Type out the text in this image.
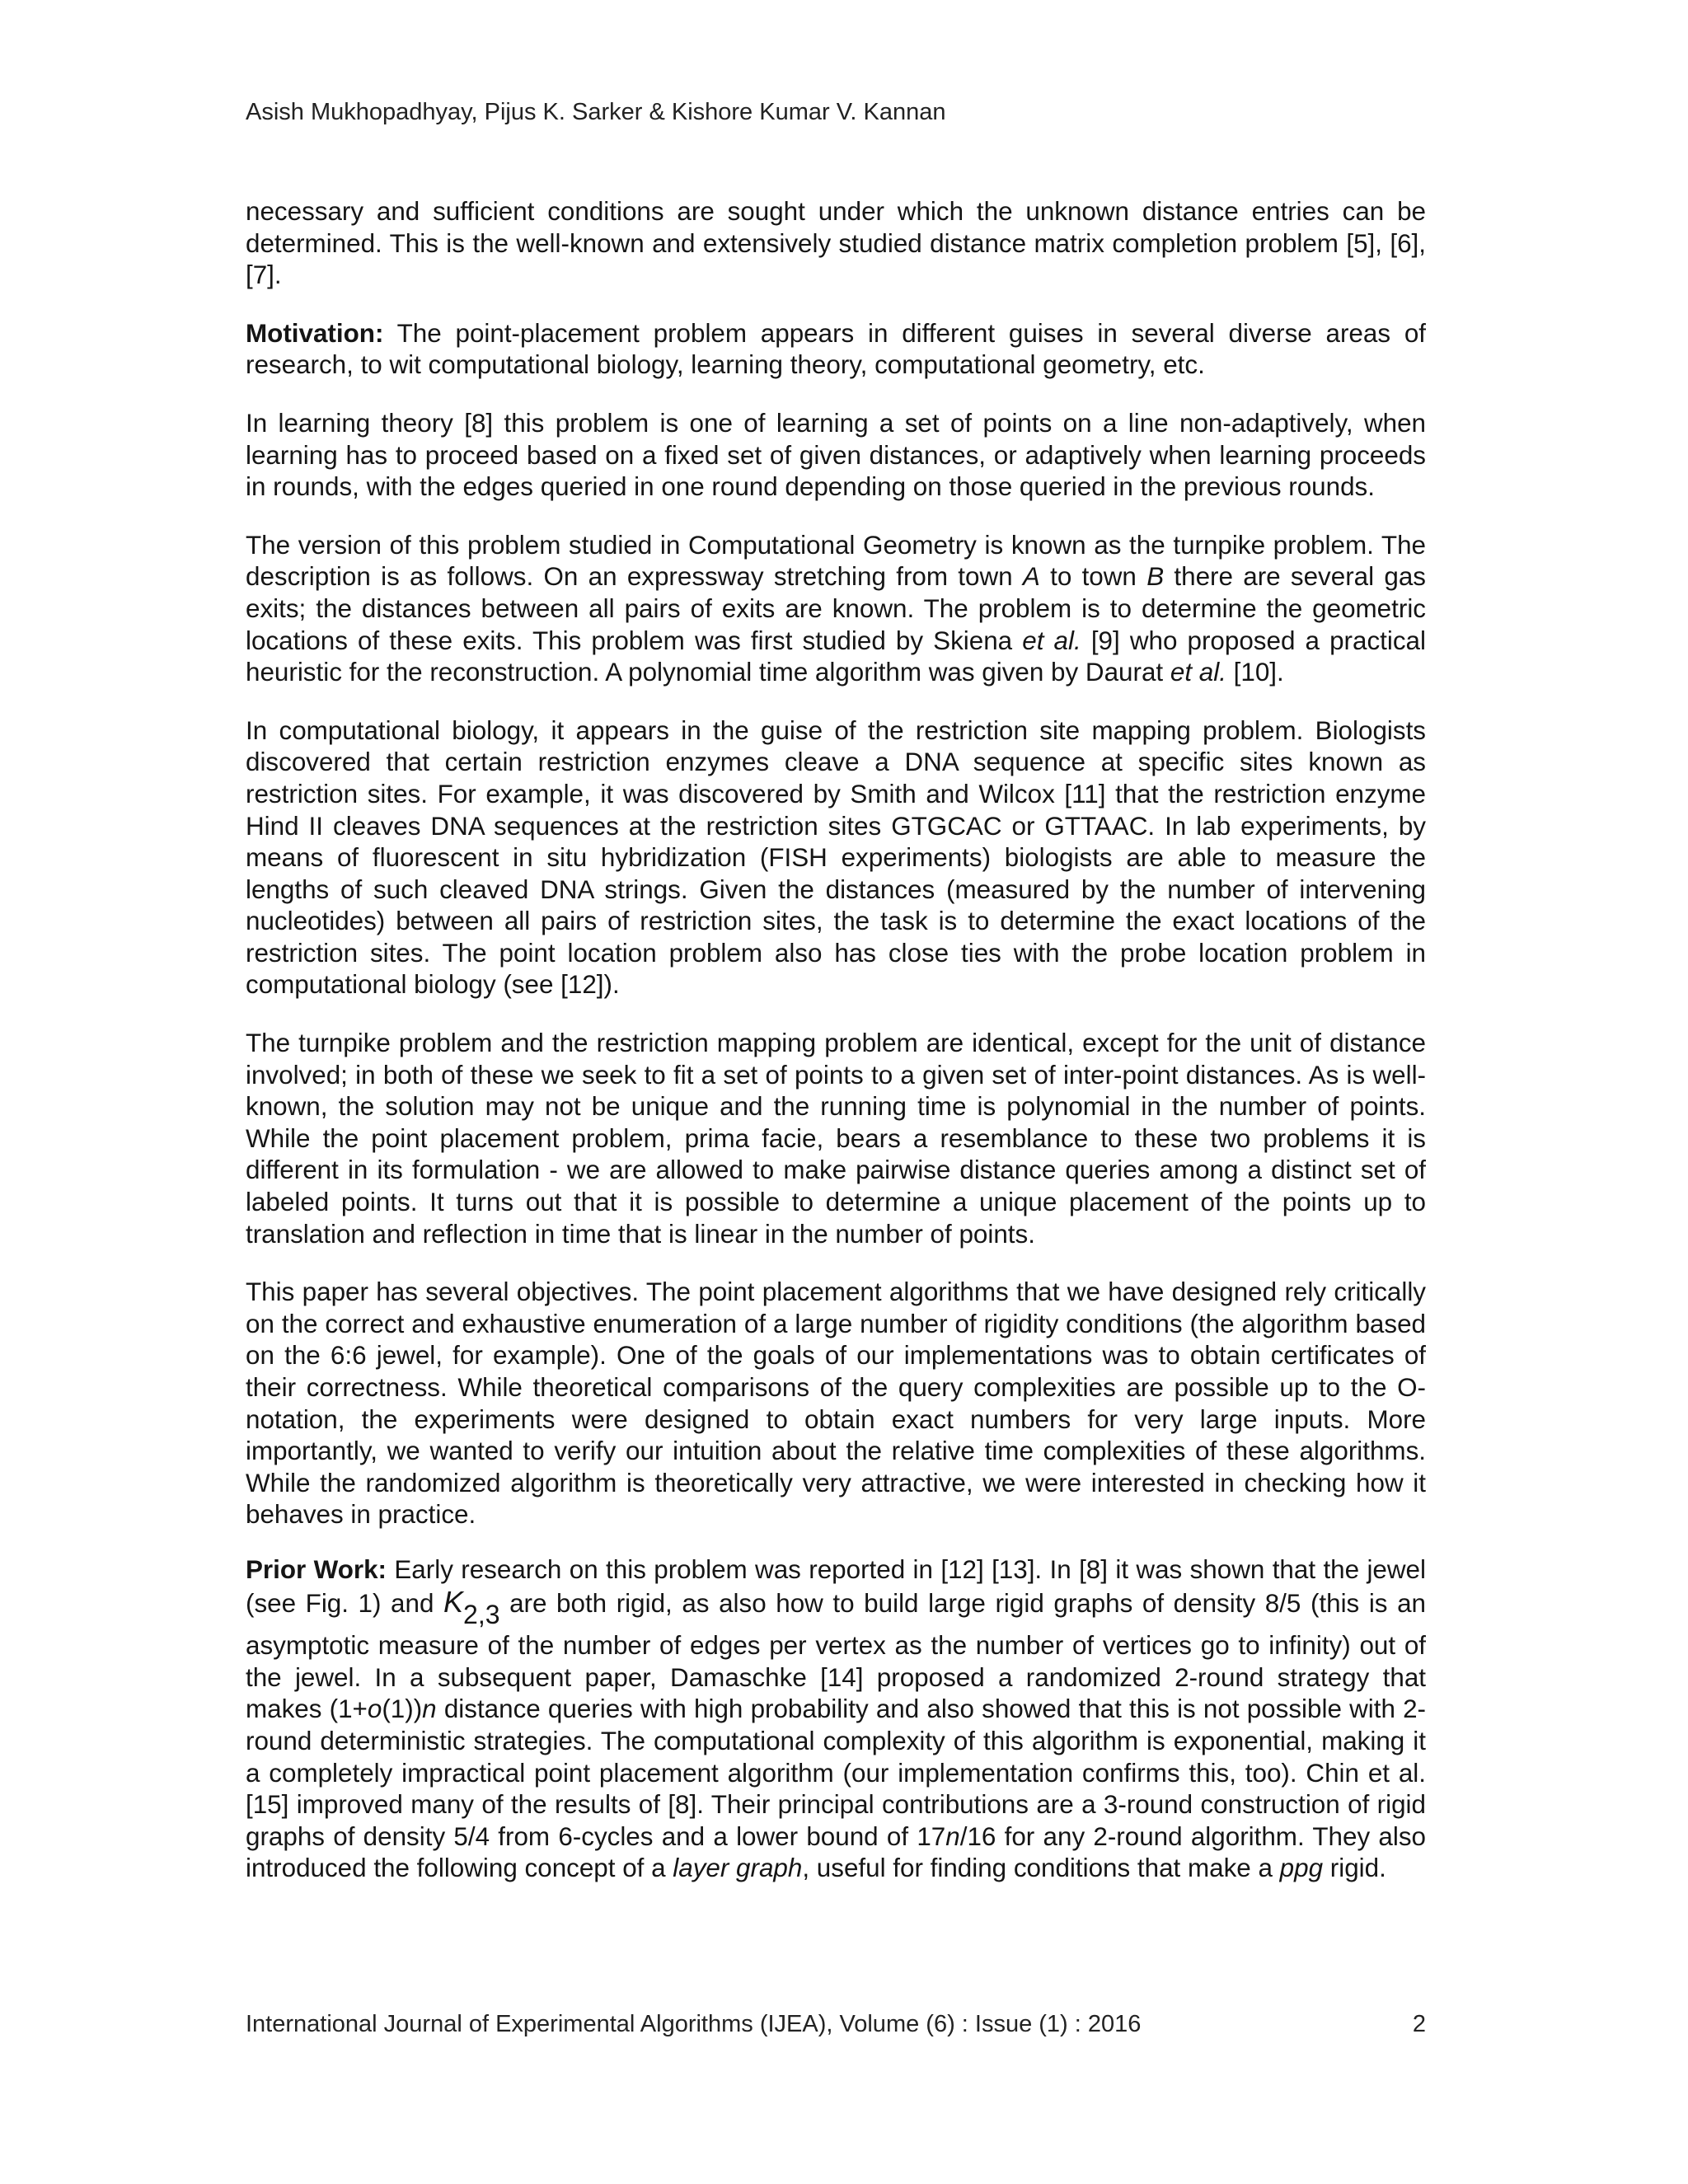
Asish Mukhopadhyay, Pijus K. Sarker & Kishore Kumar V. Kannan

necessary and sufficient conditions are sought under which the unknown distance entries can be determined. This is the well-known and extensively studied distance matrix completion problem [5], [6], [7].

Motivation: The point-placement problem appears in different guises in several diverse areas of research, to wit computational biology, learning theory, computational geometry, etc.

In learning theory [8] this problem is one of learning a set of points on a line non-adaptively, when learning has to proceed based on a fixed set of given distances, or adaptively when learning proceeds in rounds, with the edges queried in one round depending on those queried in the previous rounds.

The version of this problem studied in Computational Geometry is known as the turnpike problem. The description is as follows. On an expressway stretching from town A to town B there are several gas exits; the distances between all pairs of exits are known. The problem is to determine the geometric locations of these exits. This problem was first studied by Skiena et al. [9] who proposed a practical heuristic for the reconstruction. A polynomial time algorithm was given by Daurat et al. [10].

In computational biology, it appears in the guise of the restriction site mapping problem. Biologists discovered that certain restriction enzymes cleave a DNA sequence at specific sites known as restriction sites. For example, it was discovered by Smith and Wilcox [11] that the restriction enzyme Hind II cleaves DNA sequences at the restriction sites GTGCAC or GTTAAC. In lab experiments, by means of fluorescent in situ hybridization (FISH experiments) biologists are able to measure the lengths of such cleaved DNA strings. Given the distances (measured by the number of intervening nucleotides) between all pairs of restriction sites, the task is to determine the exact locations of the restriction sites. The point location problem also has close ties with the probe location problem in computational biology (see [12]).

The turnpike problem and the restriction mapping problem are identical, except for the unit of distance involved; in both of these we seek to fit a set of points to a given set of inter-point distances. As is well-known, the solution may not be unique and the running time is polynomial in the number of points. While the point placement problem, prima facie, bears a resemblance to these two problems it is different in its formulation - we are allowed to make pairwise distance queries among a distinct set of labeled points. It turns out that it is possible to determine a unique placement of the points up to translation and reflection in time that is linear in the number of points.

This paper has several objectives. The point placement algorithms that we have designed rely critically on the correct and exhaustive enumeration of a large number of rigidity conditions (the algorithm based on the 6:6 jewel, for example). One of the goals of our implementations was to obtain certificates of their correctness. While theoretical comparisons of the query complexities are possible up to the O-notation, the experiments were designed to obtain exact numbers for very large inputs. More importantly, we wanted to verify our intuition about the relative time complexities of these algorithms. While the randomized algorithm is theoretically very attractive, we were interested in checking how it behaves in practice.

Prior Work: Early research on this problem was reported in [12] [13]. In [8] it was shown that the jewel (see Fig. 1) and $K_{2,3}$ are both rigid, as also how to build large rigid graphs of density 8/5 (this is an asymptotic measure of the number of edges per vertex as the number of vertices go to infinity) out of the jewel. In a subsequent paper, Damaschke [14] proposed a randomized 2-round strategy that makes (1+o(1))n distance queries with high probability and also showed that this is not possible with 2-round deterministic strategies. The computational complexity of this algorithm is exponential, making it a completely impractical point placement algorithm (our implementation confirms this, too). Chin et al. [15] improved many of the results of [8]. Their principal contributions are a 3-round construction of rigid graphs of density 5/4 from 6-cycles and a lower bound of 17n/16 for any 2-round algorithm. They also introduced the following concept of a layer graph, useful for finding conditions that make a ppg rigid.

International Journal of Experimental Algorithms (IJEA), Volume (6) : Issue (1) : 2016	2
